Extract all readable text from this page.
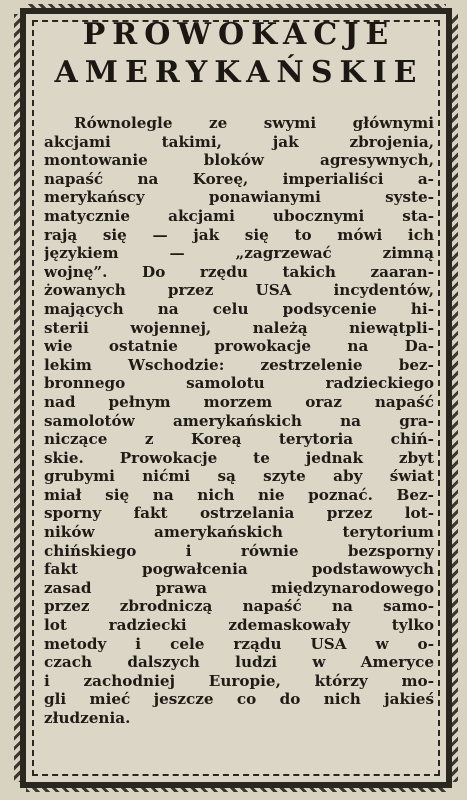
PROWOKACJE
AMERYKAŃSKIE
Równolegle ze swymi głównymi
akcjami takimi, jak zbrojenia,
montowanie bloków agresywnych,
napaść na Koreę, imperialiści a-
merykańscy ponawianymi syste-
matycznie akcjami ubocznymi sta-
rają się — jak się to mówi ich
językiem — „zagrzewać zimną
wojnę”. Do rzędu takich zaaran-
żowanych przez USA incydentów,
mających na celu podsycenie hi-
sterii wojennej, należą niewątpli-
wie ostatnie prowokacje na Da-
lekim Wschodzie: zestrzelenie bez-
bronnego samolotu radzieckiego
nad pełnym morzem oraz napaść
samolotów amerykańskich na gra-
niczące z Koreą terytoria chiń-
skie. Prowokacje te jednak zbyt
grubymi nićmi są szyte aby świat
miał się na nich nie poznać. Bez-
sporny fakt ostrzelania przez lot-
ników amerykańskich terytorium
chińskiego i równie bezsporny
fakt pogwałcenia podstawowych
zasad prawa międzynarodowego
przez zbrodniczą napaść na samo-
lot radziecki zdemaskowały tylko
metody i cele rządu USA w o-
czach dalszych ludzi w Ameryce
i zachodniej Europie, którzy mo-
gli mieć jeszcze co do nich jakieś
złudzenia.
